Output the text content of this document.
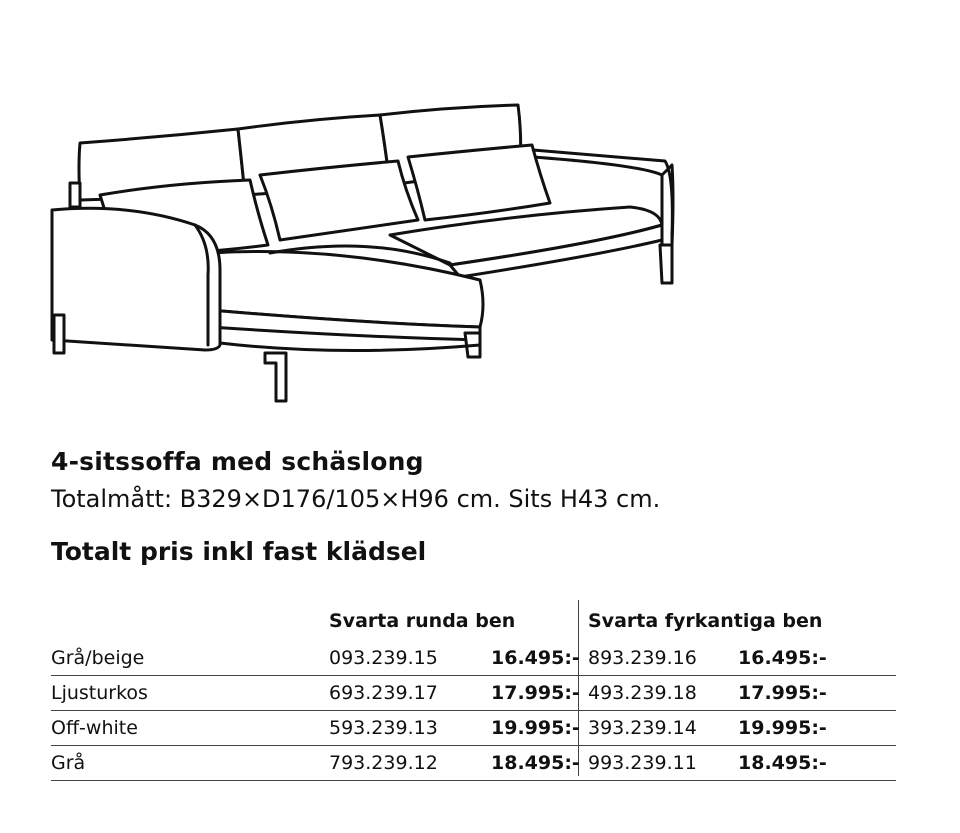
4-sitssoffa med schäslong
Totalmått: B329×D176/105×H96 cm. Sits H43 cm.
Totalt pris inkl fast klädsel
Svarta runda ben	Svarta fyrkantiga ben
Grå/beige	093.239.15	16.495:- 893.239.16 16.495:-
Ljusturkos	693.239.17	17.995:- 493.239.18 17.995:-
Off-white	593.239.13	19.995:- 393.239.14 19.995:-
Grå	793.239.12	18.495:- 993.239.11 18.495:-
